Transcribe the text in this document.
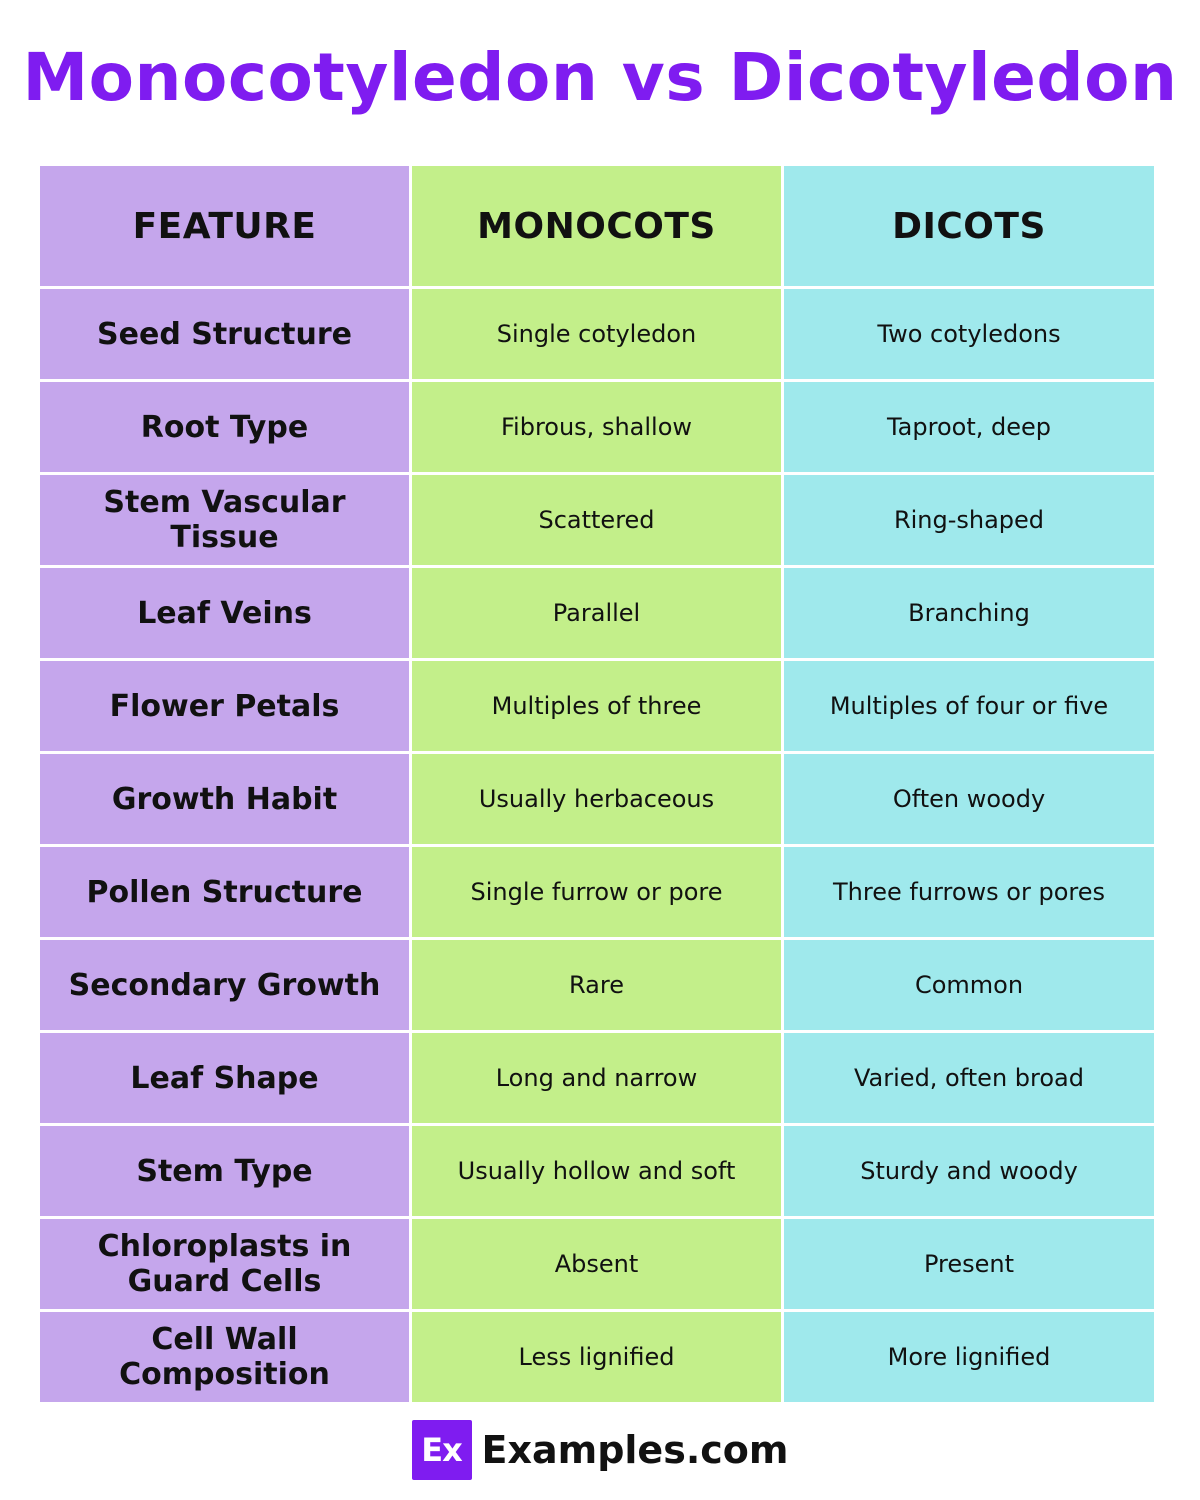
Monocotyledon vs Dicotyledon
FEATURE	MONOCOTS	DICOTS
Seed Structure	Single cotyledon	Two cotyledons
Root Type	Fibrous, shallow	Taproot, deep
Stem Vascular Tissue	Scattered	Ring-shaped
Leaf Veins	Parallel	Branching
Flower Petals	Multiples of three	Multiples of four or five
Growth Habit	Usually herbaceous	Often woody
Pollen Structure	Single furrow or pore	Three furrows or pores
Secondary Growth	Rare	Common
Leaf Shape	Long and narrow	Varied, often broad
Stem Type	Usually hollow and soft	Sturdy and woody
Chloroplasts in Guard Cells	Absent	Present
Cell Wall Composition	Less lignified	More lignified
Ex Examples.com
